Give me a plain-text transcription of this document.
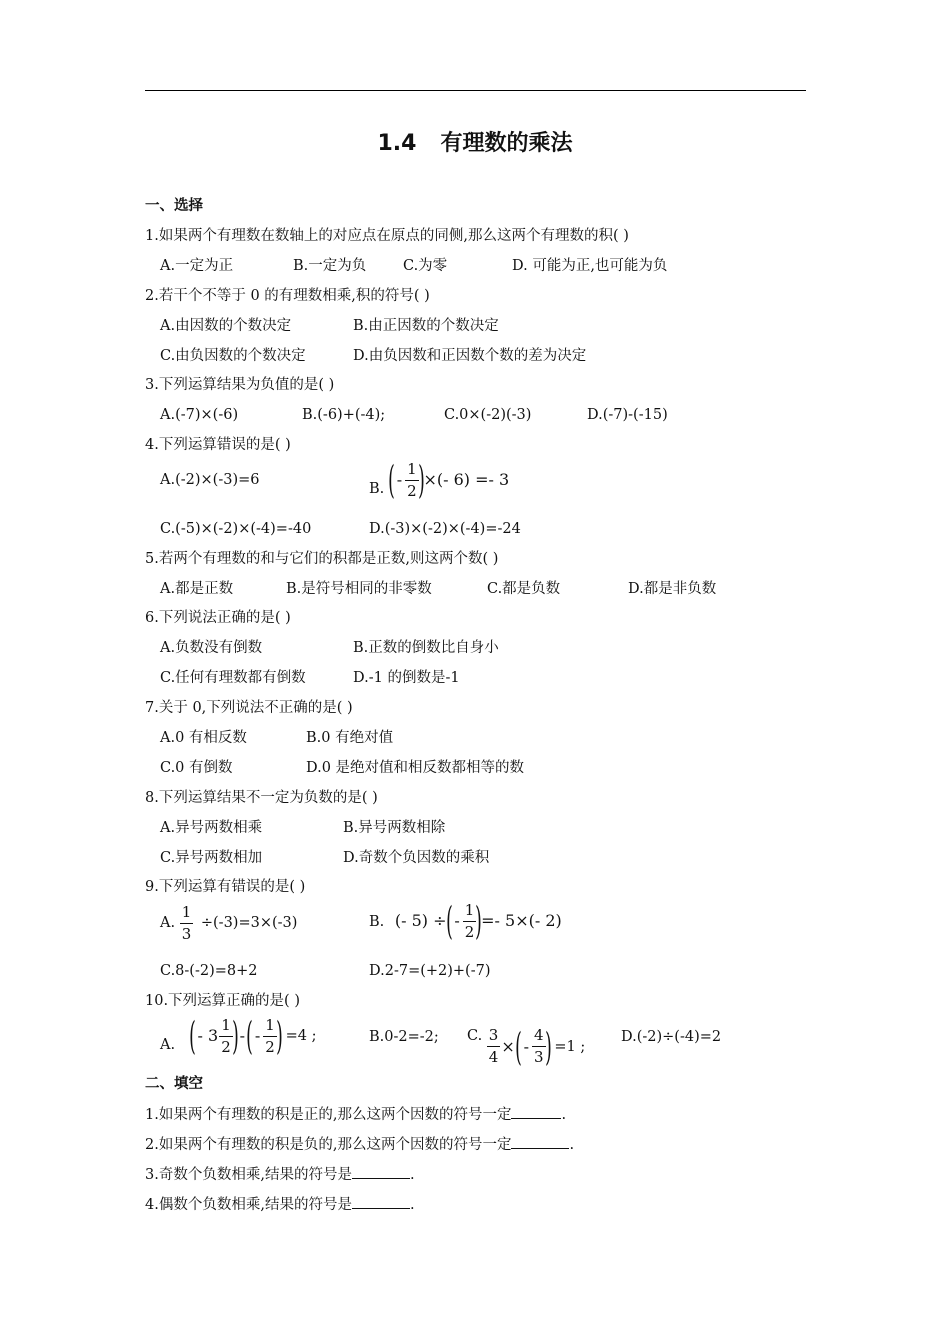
1.4 有理数的乘法
一、选择
1.如果两个有理数在数轴上的对应点在原点的同侧,那么这两个有理数的积( )
A.一定为正	B.一定为负	C.为零	D. 可能为正,也可能为负
2.若干个不等于 0 的有理数相乘,积的符号( )
A.由因数的个数决定	B.由正因数的个数决定
C.由负因数的个数决定	D.由负因数和正因数个数的差为决定
3.下列运算结果为负值的是( )
A.(-7)×(-6)	B.(-6)+(-4);	C.0×(-2)(-3)	D.(-7)-(-15)
4.下列运算错误的是( )
A.(-2)×(-3)=6
B. ( - $\frac{1}{2}$ ) ×(- 6) =- 3
C.(-5)×(-2)×(-4)=-40	D.(-3)×(-2)×(-4)=-24
5.若两个有理数的和与它们的积都是正数,则这两个数( )
A.都是正数	B.是符号相同的非零数	C.都是负数	D.都是非负数
6.下列说法正确的是( )
A.负数没有倒数	B.正数的倒数比自身小
C.任何有理数都有倒数	D.-1 的倒数是-1
7.关于 0,下列说法不正确的是( )
A.0 有相反数	B.0 有绝对值
C.0 有倒数	D.0 是绝对值和相反数都相等的数
8.下列运算结果不一定为负数的是( )
A.异号两数相乘	B.异号两数相除
C.异号两数相加	D.奇数个负因数的乘积
9.下列运算有错误的是( )
A. $\frac{1}{3} \div(-3)=3\times(-3)$	B. (- 5) ÷ ( - $\frac{1}{2}$ ) =- 5×(- 2)
C.8-(-2)=8+2	D.2-7=(+2)+(-7)
10.下列运算正确的是( )
A. ( - $3 \frac{1}{2}$ ) - ( - $\frac{1}{2}$ ) =4 ;	B.0-2=-2; C. $\frac{3}{4}$ × ( - $\frac{4}{3}$ ) =1 ;
D.(-2)÷(-4)=2
二、填空
1.如果两个有理数的积是正的,那么这两个因数的符号一定	.
2.如果两个有理数的积是负的,那么这两个因数的符号一定	.
3.奇数个负数相乘,结果的符号是	.
4.偶数个负数相乘,结果的符号是	.
